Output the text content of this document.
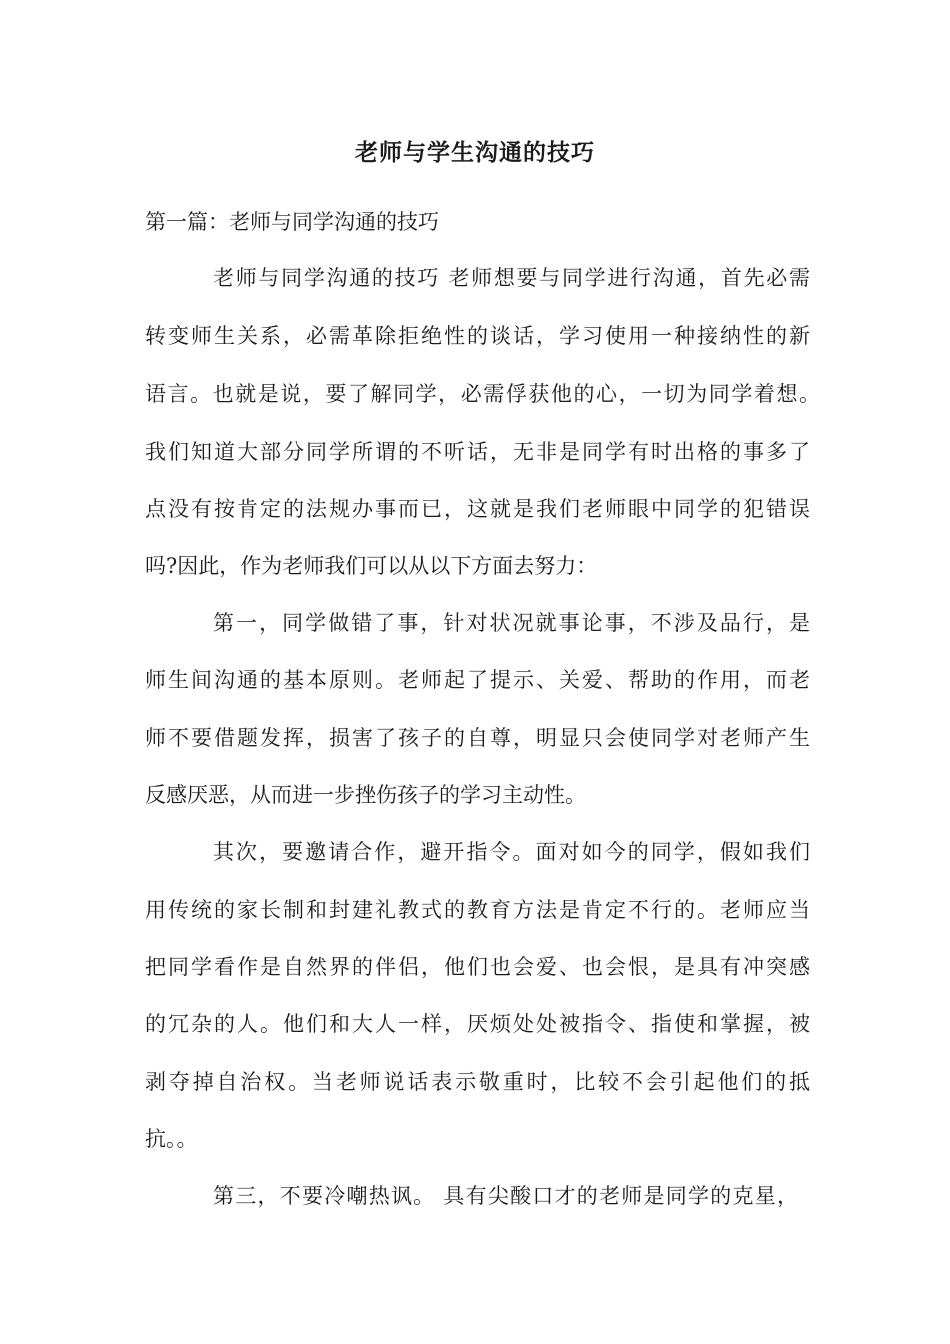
老师与学生沟通的技巧
第一篇：老师与同学沟通的技巧
老师与同学沟通的技巧 老师想要与同学进行沟通，首先必需
转变师生关系，必需革除拒绝性的谈话，学习使用一种接纳性的新
语言。也就是说，要了解同学，必需俘获他的心，一切为同学着想。
我们知道大部分同学所谓的不听话，无非是同学有时出格的事多了
点没有按肯定的法规办事而已，这就是我们老师眼中同学的犯错误
吗?因此，作为老师我们可以从以下方面去努力：
第一，同学做错了事，针对状况就事论事，不涉及品行，是
师生间沟通的基本原则。老师起了提示、关爱、帮助的作用，而老
师不要借题发挥，损害了孩子的自尊，明显只会使同学对老师产生
反感厌恶，从而进一步挫伤孩子的学习主动性。
其次，要邀请合作，避开指令。面对如今的同学，假如我们
用传统的家长制和封建礼教式的教育方法是肯定不行的。老师应当
把同学看作是自然界的伴侣，他们也会爱、也会恨，是具有冲突感
的冗杂的人。他们和大人一样，厌烦处处被指令、指使和掌握，被
剥夺掉自治权。当老师说话表示敬重时，比较不会引起他们的抵
抗。。
第三，不要冷嘲热讽。 具有尖酸口才的老师是同学的克星，
